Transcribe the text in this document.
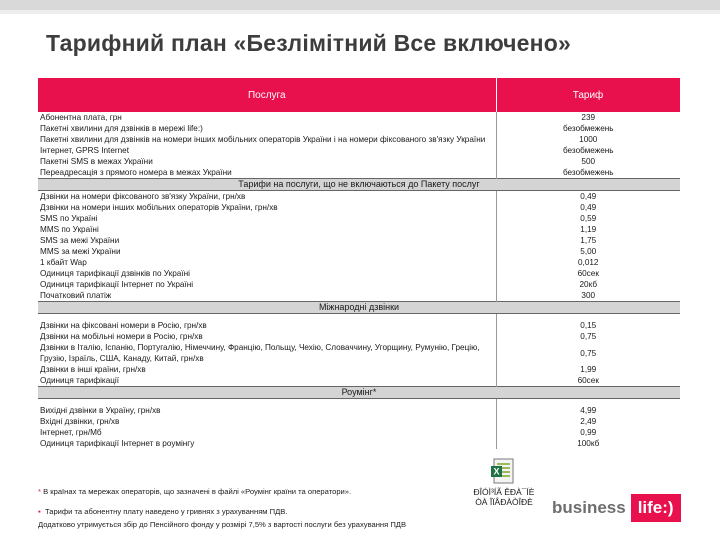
Тарифний план «Безлімітний Все включено»
Послуга	Тариф
Абонентна плата, грн	239
Пакетні хвилини для дзвінків в мережі life:)	безобмежень
Пакетні хвилини для дзвінків на номери інших мобільних операторів України і на номери фіксованого зв'язку України	1000
Інтернет, GPRS Internet	безобмежень
Пакетні SMS в межах України	500
Переадресація з прямого номера в межах України	безобмежень
Тарифи на послуги, що не включаються до Пакету послуг	
Дзвінки на номери фіксованого зв'язку України, грн/хв	0,49
Дзвінки на номери інших мобільних операторів України, грн/хв	0,49
SMS по Україні	0,59
MMS по Україні	1,19
SMS за межі України	1,75
MMS за межі України	5,00
1 кбайт Wap	0,012
Одиниця тарифікації дзвінків по Україні	60сек
Одиниця тарифікації Інтернет по Україні	20кб
Початковий платіж	300
Міжнародні дзвінки	

Дзвінки на фіксовані номери в Росію, грн/хв	0,15
Дзвінки на мобільні номери в Росію, грн/хв	0,75
Дзвінки в Італію, Іспанію, Португалію, Німеччину, Францію, Польщу, Чехію, Словаччину, Угорщину, Румунію, Грецію, Грузію, Ізраїль, США, Канаду, Китай, грн/хв	0,75
Дзвінки в інші країни, грн/хв	1,99
Одиниця тарифікації	60сек
Роумінг*	

Вихідні дзвінки в Україну, грн/хв	4,99
Вхідні дзвінки, грн/хв	2,49
Інтернет, грн/Мб	0,99
Одиниця тарифікації Інтернет в роумінгу	100кб
* В країнах та мережах операторів, що зазначені в файлі «Роумінг країни та оператори».
▪ Тарифи та абонентну плату наведено у гривнях з урахуванням ПДВ.
Додатково утримується збір до Пенсійного фонду у розмірі 7,5% з вартості послуги без урахування ПДВ
X
ÐÎÓÌ³ÍÃ ÊÐÀ¯ÍÈ
ÒÀ ÎÏÅÐÀÒÎÐÈ	business life:)
